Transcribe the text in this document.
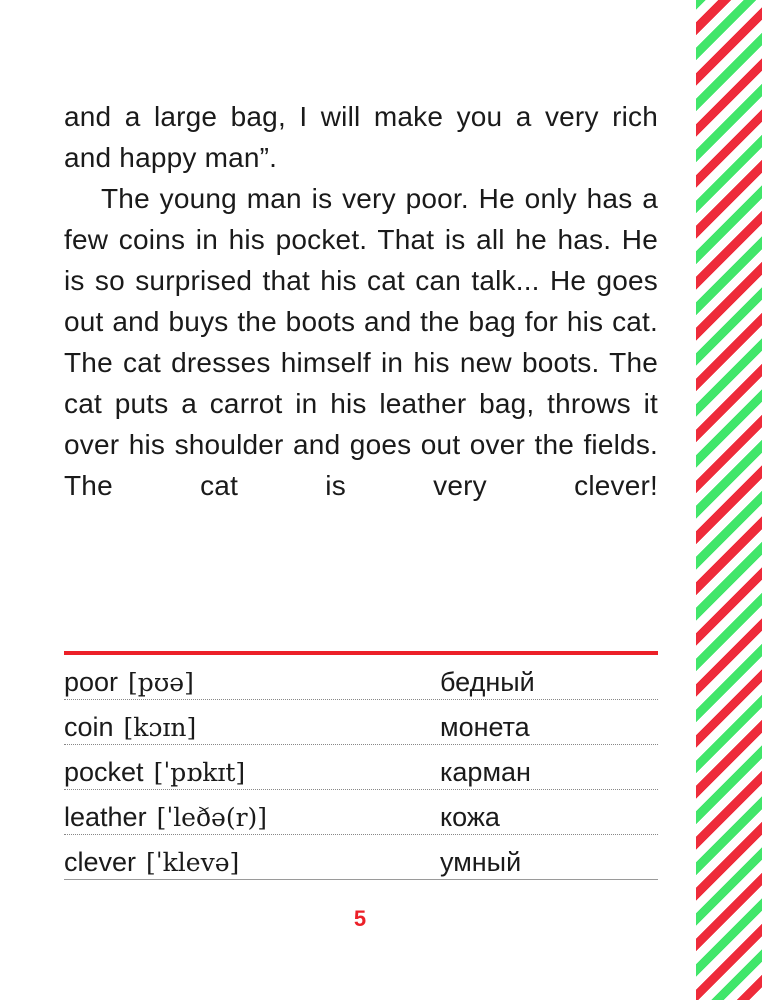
and a large bag, I will make you a very rich and happy man”.

The young man is very poor. He only has a few coins in his pocket. That is all he has. He is so surprised that his cat can talk... He goes out and buys the boots and the bag for his cat. The cat dresses himself in his new boots. The cat puts a carrot in his leather bag, throws it over his shoulder and goes out over the fields. The cat is very clever!

poor [pʊə]	бедный
coin [kɔɪn]	монета
pocket [ˈpɒkɪt]	карман
leather [ˈleðə(r)]	кожа
clever [ˈklevə]	умный
5
